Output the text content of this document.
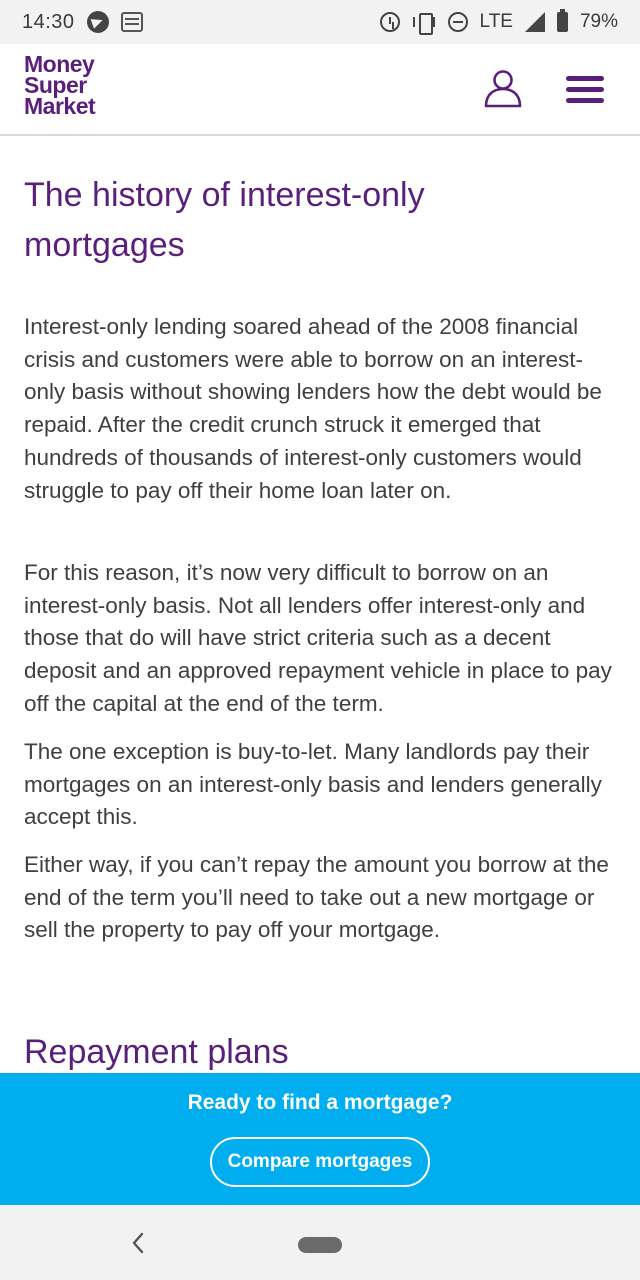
14:30	LTE	79%
Money
Super
Market
The history of interest-only mortgages

Interest-only lending soared ahead of the 2008 financial crisis and customers were able to borrow on an interest-only basis without showing lenders how the debt would be repaid. After the credit crunch struck it emerged that hundreds of thousands of interest-only customers would struggle to pay off their home loan later on.

For this reason, it’s now very difficult to borrow on an interest-only basis. Not all lenders offer interest-only and those that do will have strict criteria such as a decent deposit and an approved repayment vehicle in place to pay off the capital at the end of the term.

The one exception is buy-to-let. Many landlords pay their mortgages on an interest-only basis and lenders generally accept this.

Either way, if you can’t repay the amount you borrow at the end of the term you’ll need to take out a new mortgage or sell the property to pay off your mortgage.

Repayment plans
Ready to find a mortgage?
Compare mortgages
